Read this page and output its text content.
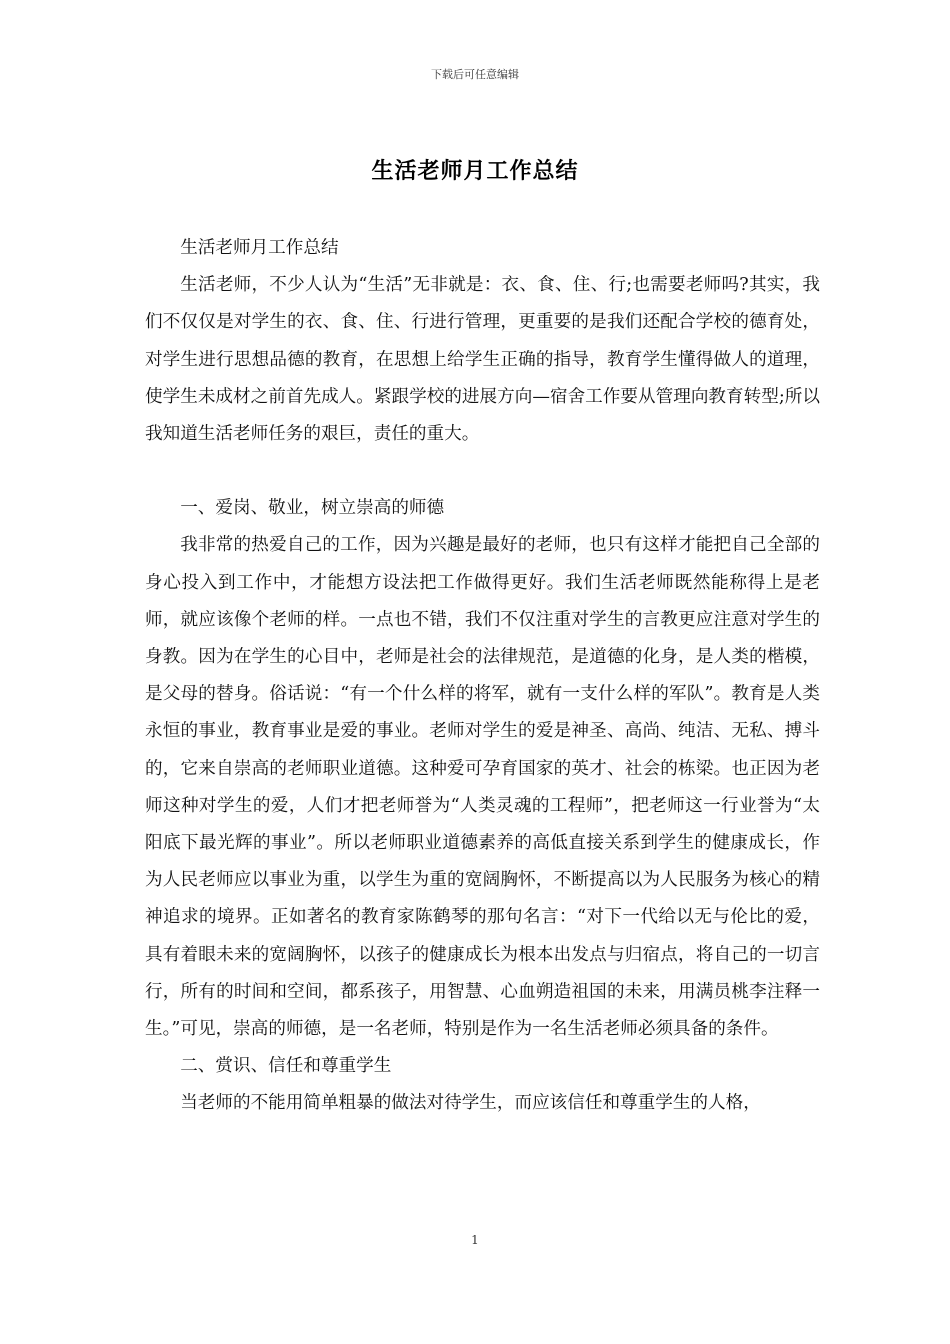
下载后可任意编辑
生活老师月工作总结

生活老师月工作总结

生活老师，不少人认为“生活”无非就是：衣、食、住、行;也需要老师吗?其实，我们不仅仅是对学生的衣、食、住、行进行管理，更重要的是我们还配合学校的德育处，对学生进行思想品德的教育，在思想上给学生正确的指导，教育学生懂得做人的道理，使学生未成材之前首先成人。紧跟学校的进展方向—宿舍工作要从管理向教育转型;所以我知道生活老师任务的艰巨，责任的重大。

一、爱岗、敬业，树立崇高的师德

我非常的热爱自己的工作，因为兴趣是最好的老师，也只有这样才能把自己全部的身心投入到工作中，才能想方设法把工作做得更好。我们生活老师既然能称得上是老师，就应该像个老师的样。一点也不错，我们不仅注重对学生的言教更应注意对学生的身教。因为在学生的心目中，老师是社会的法律规范，是道德的化身，是人类的楷模，是父母的替身。俗话说：“有一个什么样的将军，就有一支什么样的军队”。教育是人类永恒的事业，教育事业是爱的事业。老师对学生的爱是神圣、高尚、纯洁、无私、搏斗的，它来自崇高的老师职业道德。这种爱可孕育国家的英才、社会的栋梁。也正因为老师这种对学生的爱，人们才把老师誉为“人类灵魂的工程师”，把老师这一行业誉为“太阳底下最光辉的事业”。所以老师职业道德素养的高低直接关系到学生的健康成长，作为人民老师应以事业为重，以学生为重的宽阔胸怀，不断提高以为人民服务为核心的精神追求的境界。正如著名的教育家陈鹤琴的那句名言：“对下一代给以无与伦比的爱，具有着眼未来的宽阔胸怀，以孩子的健康成长为根本出发点与归宿点，将自己的一切言行，所有的时间和空间，都系孩子，用智慧、心血朔造祖国的未来，用满员桃李注释一生。”可见，崇高的师德，是一名老师，特别是作为一名生活老师必须具备的条件。

二、赏识、信任和尊重学生

当老师的不能用简单粗暴的做法对待学生，而应该信任和尊重学生的人格，

1
